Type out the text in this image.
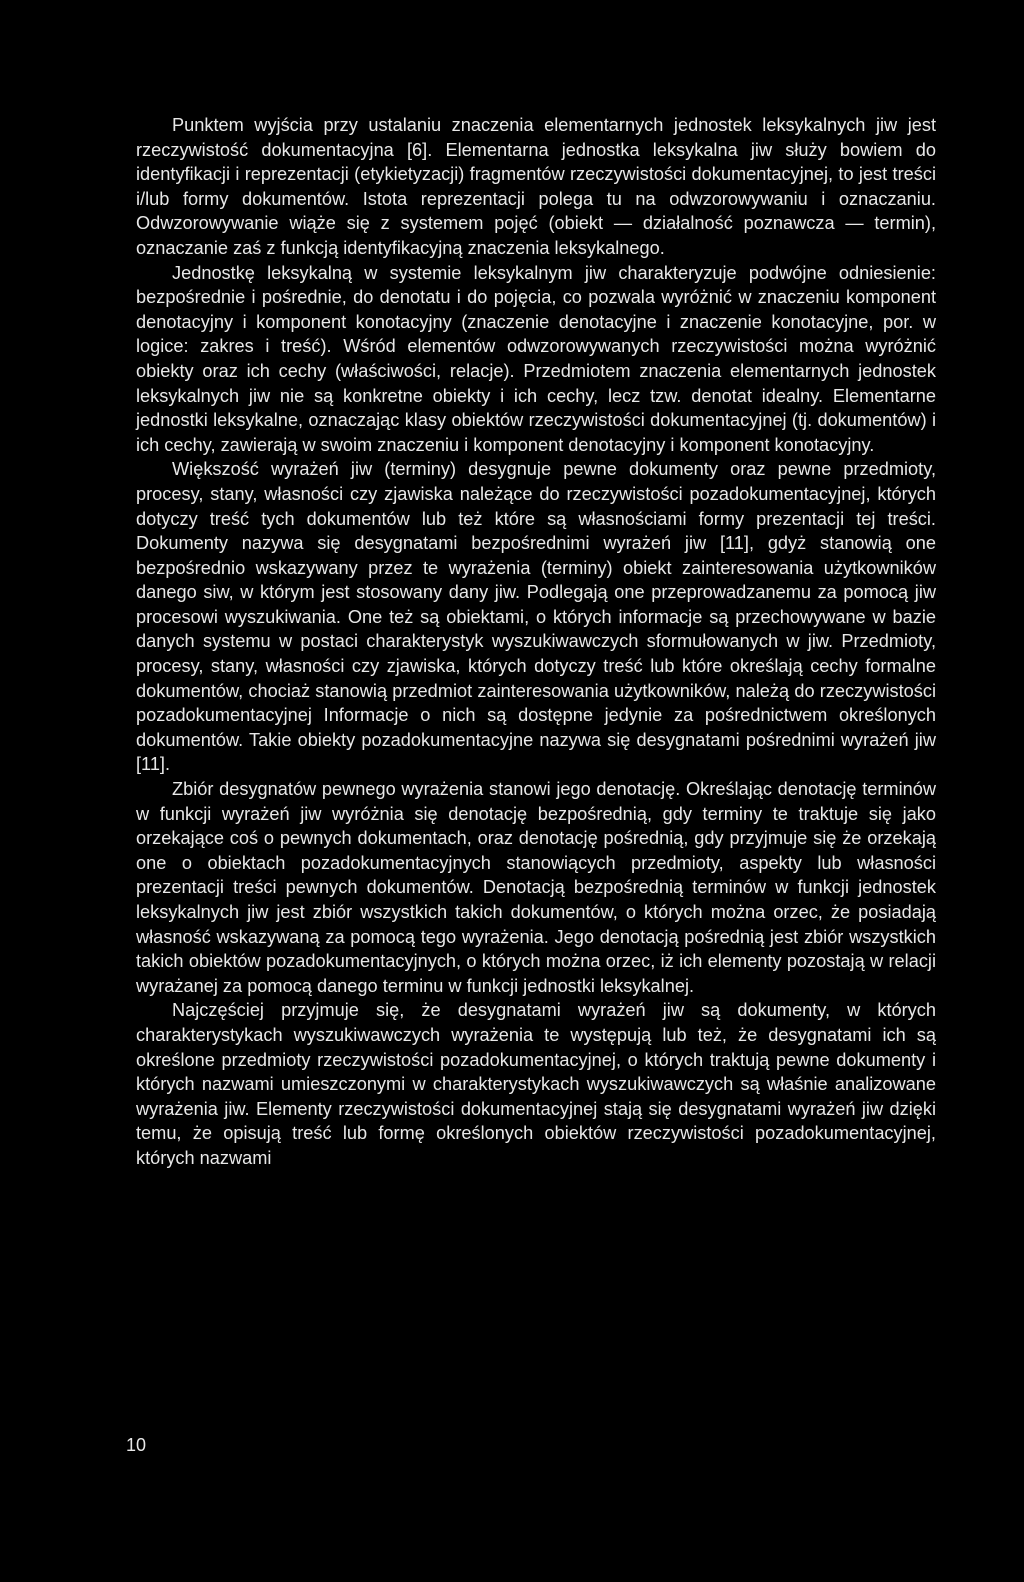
Punktem wyjścia przy ustalaniu znaczenia elementarnych jednostek leksykalnych jiw jest rzeczywistość dokumentacyjna [6]. Elementarna jednostka leksykalna jiw służy bowiem do identyfikacji i reprezentacji (etykietyzacji) fragmentów rzeczywistości dokumentacyjnej, to jest treści i/lub formy dokumentów. Istota reprezentacji polega tu na odwzorowywaniu i oznaczaniu. Odwzorowywanie wiąże się z systemem pojęć (obiekt — działalność poznawcza — termin), oznaczanie zaś z funkcją identyfikacyjną znaczenia leksykalnego.

Jednostkę leksykalną w systemie leksykalnym jiw charakteryzuje podwójne odniesienie: bezpośrednie i pośrednie, do denotatu i do pojęcia, co pozwala wyróżnić w znaczeniu komponent denotacyjny i komponent konotacyjny (znaczenie denotacyjne i znaczenie konotacyjne, por. w logice: zakres i treść). Wśród elementów odwzorowywanych rzeczywistości można wyróżnić obiekty oraz ich cechy (właściwości, relacje). Przedmiotem znaczenia elementarnych jednostek leksykalnych jiw nie są konkretne obiekty i ich cechy, lecz tzw. denotat idealny. Elementarne jednostki leksykalne, oznaczając klasy obiektów rzeczywistości dokumentacyjnej (tj. dokumentów) i ich cechy, zawierają w swoim znaczeniu i komponent denotacyjny i komponent konotacyjny.

Większość wyrażeń jiw (terminy) desygnuje pewne dokumenty oraz pewne przedmioty, procesy, stany, własności czy zjawiska należące do rzeczywistości pozadokumentacyjnej, których dotyczy treść tych dokumentów lub też które są własnościami formy prezentacji tej treści. Dokumenty nazywa się desygnatami bezpośrednimi wyrażeń jiw [11], gdyż stanowią one bezpośrednio wskazywany przez te wyrażenia (terminy) obiekt zainteresowania użytkowników danego siw, w którym jest stosowany dany jiw. Podlegają one przeprowadzanemu za pomocą jiw procesowi wyszukiwania. One też są obiektami, o których informacje są przechowywane w bazie danych systemu w postaci charakterystyk wyszukiwawczych sformułowanych w jiw. Przedmioty, procesy, stany, własności czy zjawiska, których dotyczy treść lub które określają cechy formalne dokumentów, chociaż stanowią przedmiot zainteresowania użytkowników, należą do rzeczywistości pozadokumentacyjnej Informacje o nich są dostępne jedynie za pośrednictwem określonych dokumentów. Takie obiekty pozadokumentacyjne nazywa się desygnatami pośrednimi wyrażeń jiw [11].

Zbiór desygnatów pewnego wyrażenia stanowi jego denotację. Określając denotację terminów w funkcji wyrażeń jiw wyróżnia się denotację bezpośrednią, gdy terminy te traktuje się jako orzekające coś o pewnych dokumentach, oraz denotację pośrednią, gdy przyjmuje się że orzekają one o obiektach pozadokumentacyjnych stanowiących przedmioty, aspekty lub własności prezentacji treści pewnych dokumentów. Denotacją bezpośrednią terminów w funkcji jednostek leksykalnych jiw jest zbiór wszystkich takich dokumentów, o których można orzec, że posiadają własność wskazywaną za pomocą tego wyrażenia. Jego denotacją pośrednią jest zbiór wszystkich takich obiektów pozadokumentacyjnych, o których można orzec, iż ich elementy pozostają w relacji wyrażanej za pomocą danego terminu w funkcji jednostki leksykalnej.

Najczęściej przyjmuje się, że desygnatami wyrażeń jiw są dokumenty, w których charakterystykach wyszukiwawczych wyrażenia te występują lub też, że desygnatami ich są określone przedmioty rzeczywistości pozadokumentacyjnej, o których traktują pewne dokumenty i których nazwami umieszczonymi w charakterystykach wyszukiwawczych są właśnie analizowane wyrażenia jiw. Elementy rzeczywistości dokumentacyjnej stają się desygnatami wyrażeń jiw dzięki temu, że opisują treść lub formę określonych obiektów rzeczywistości pozadokumentacyjnej, których nazwami

10
